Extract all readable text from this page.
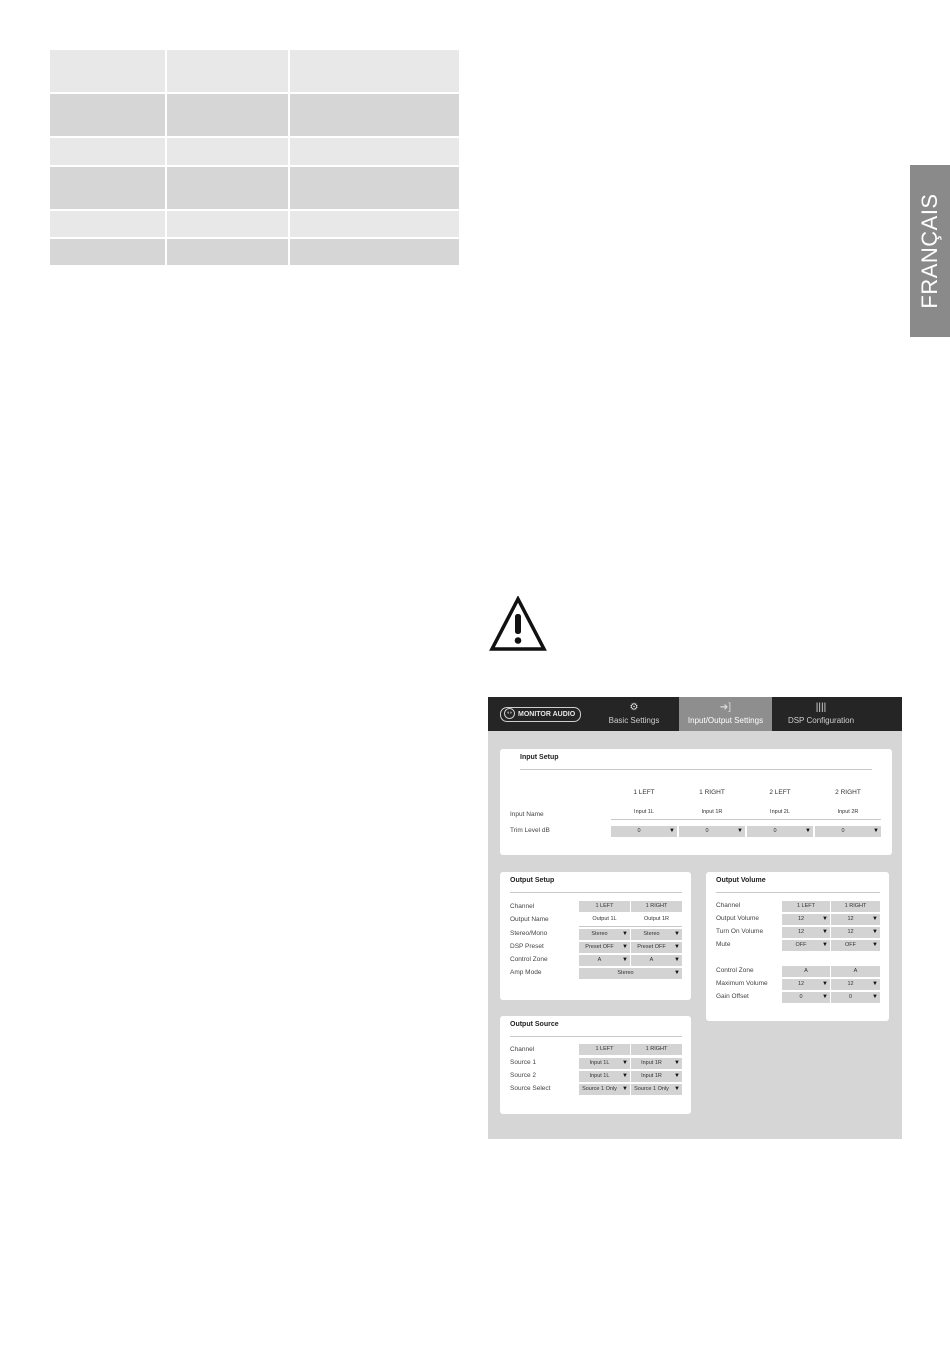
FRANÇAIS
◖◗ MONITOR AUDIO
⚙
Basic Settings
➔]
Input/Output Settings
||||
DSP Configuration
Input Setup
1 LEFT	1 RIGHT	2 LEFT	2 RIGHT
Input Name	Input 1L	Input 1R	Input 2L	Input 2R
Trim Level dB	0	▼	0	▼	0	▼	0	▼
Output Setup
Channel	1 LEFT	1 RIGHT
Output Name	Output 1L	Output 1R
Stereo/Mono	Stereo	▼	Stereo	▼
DSP Preset	Preset OFF	▼	Preset OFF	▼
Control Zone	A	▼	A	▼
Amp Mode	Stereo	▼
Output Volume
Channel	1 LEFT	1 RIGHT
Output Volume	12	▼	12	▼
Turn On Volume	12	▼	12	▼
Mute	OFF	▼	OFF	▼
Control Zone	A	A
Maximum Volume	12	▼	12	▼
Gain Offset	0	▼	0	▼
Output Source
Channel	1 LEFT	1 RIGHT
Source 1	Input 1L	▼	Input 1R	▼
Source 2	Input 1L	▼	Input 1R	▼
Source Select	Source 1 Only ▼	Source 1 Only ▼
